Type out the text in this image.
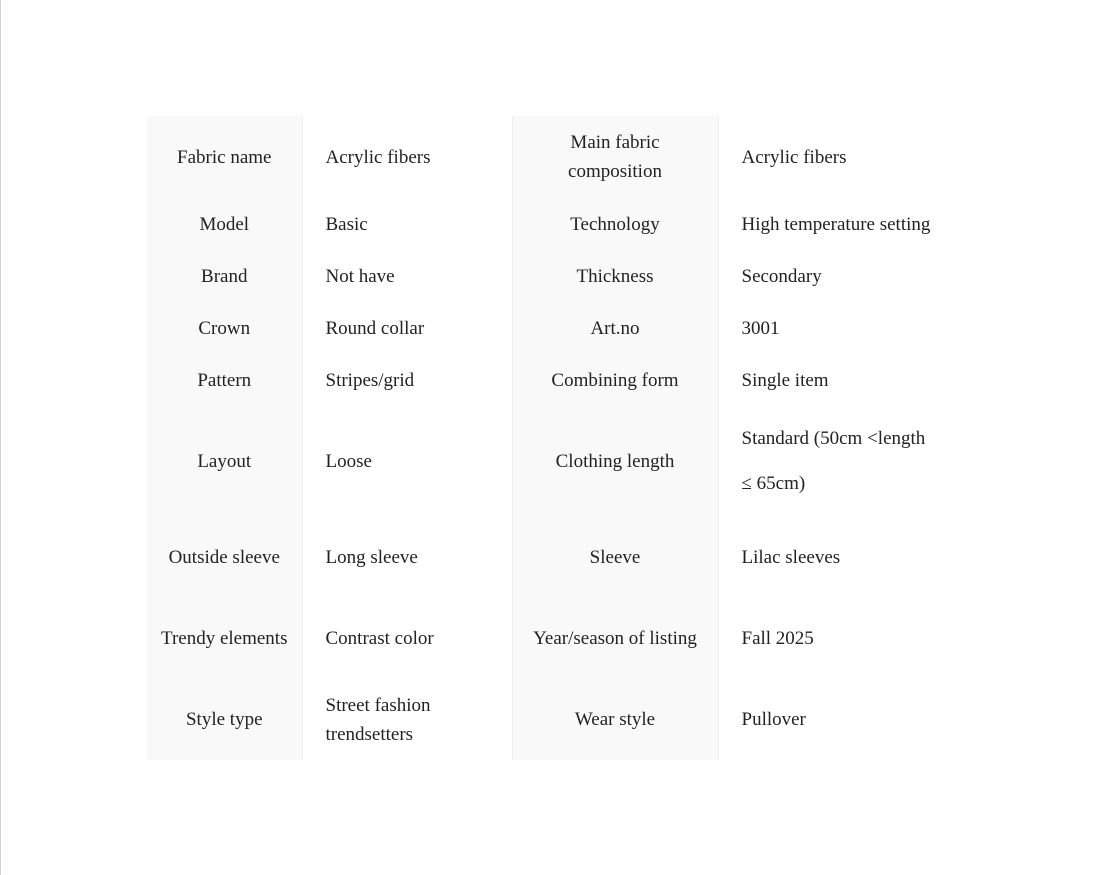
Fabric name	Acrylic fibers	Main fabric composition	Acrylic fibers
Model	Basic	Technology	High temperature setting
Brand	Not have	Thickness	Secondary
Crown	Round collar	Art.no	3001
Pattern	Stripes/grid	Combining form	Single item
Layout	Loose	Clothing length	Standard (50cm <length ≤ 65cm)
Outside sleeve	Long sleeve	Sleeve	Lilac sleeves
Trendy elements	Contrast color	Year/season of listing	Fall 2025
Style type	Street fashion trendsetters	Wear style	Pullover
